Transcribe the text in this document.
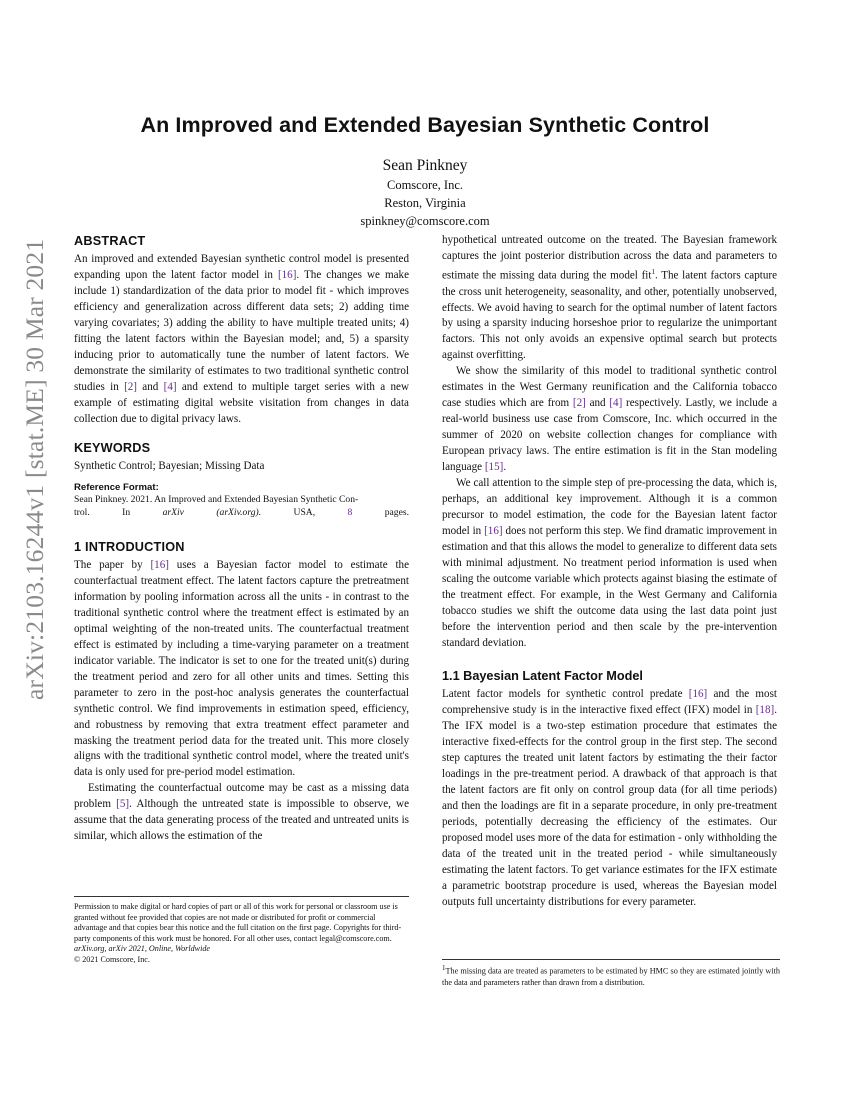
arXiv:2103.16244v1 [stat.ME] 30 Mar 2021
An Improved and Extended Bayesian Synthetic Control
Sean Pinkney
Comscore, Inc.
Reston, Virginia
spinkney@comscore.com
ABSTRACT

An improved and extended Bayesian synthetic control model is presented expanding upon the latent factor model in [16]. The changes we make include 1) standardization of the data prior to model fit - which improves efficiency and generalization across different data sets; 2) adding time varying covariates; 3) adding the ability to have multiple treated units; 4) fitting the latent factors within the Bayesian model; and, 5) a sparsity inducing prior to automatically tune the number of latent factors. We demonstrate the similarity of estimates to two traditional synthetic control studies in [2] and [4] and extend to multiple target series with a new example of estimating digital website visitation from changes in data collection due to digital privacy laws.

KEYWORDS

Synthetic Control; Bayesian; Missing Data

Reference Format:
Sean Pinkney. 2021. An Improved and Extended Bayesian Synthetic Con-
trol.	In	arXiv	(arXiv.org).	USA,	8	pages.
1 INTRODUCTION

The paper by [16] uses a Bayesian factor model to estimate the counterfactual treatment effect. The latent factors capture the pretreatment information by pooling information across all the units - in contrast to the traditional synthetic control where the treatment effect is estimated by an optimal weighting of the non-treated units. The counterfactual treatment effect is estimated by including a time-varying parameter on a treatment indicator variable. The indicator is set to one for the treated unit(s) during the treatment period and zero for all other units and times. Setting this parameter to zero in the post-hoc analysis generates the counterfactual synthetic control. We find improvements in estimation speed, efficiency, and robustness by removing that extra treatment effect parameter and masking the treatment period data for the treated unit. This more closely aligns with the traditional synthetic control model, where the treated unit's data is only used for pre-period model estimation.

Estimating the counterfactual outcome may be cast as a missing data problem [5]. Although the untreated state is impossible to observe, we assume that the data generating process of the treated and untreated units is similar, which allows the estimation of the

hypothetical untreated outcome on the treated. The Bayesian framework captures the joint posterior distribution across the data and parameters to estimate the missing data during the model fit$^1$. The latent factors capture the cross unit heterogeneity, seasonality, and other, potentially unobserved, effects. We avoid having to search for the optimal number of latent factors by using a sparsity inducing horseshoe prior to regularize the unimportant factors. This not only avoids an expensive optimal search but protects against overfitting.

We show the similarity of this model to traditional synthetic control estimates in the West Germany reunification and the California tobacco case studies which are from [2] and [4] respectively. Lastly, we include a real-world business use case from Comscore, Inc. which occurred in the summer of 2020 on website collection changes for compliance with European privacy laws. The entire estimation is fit in the Stan modeling language [15].

We call attention to the simple step of pre-processing the data, which is, perhaps, an additional key improvement. Although it is a common precursor to model estimation, the code for the Bayesian latent factor model in [16] does not perform this step. We find dramatic improvement in estimation and that this allows the model to generalize to different data sets with minimal adjustment. No treatment period information is used when scaling the outcome variable which protects against biasing the estimate of the treatment effect. For example, in the West Germany and California tobacco studies we shift the outcome data using the last data point just before the intervention period and then scale by the pre-intervention standard deviation.

1.1 Bayesian Latent Factor Model

Latent factor models for synthetic control predate [16] and the most comprehensive study is in the interactive fixed effect (IFX) model in [18]. The IFX model is a two-step estimation procedure that estimates the interactive fixed-effects for the control group in the first step. The second step captures the treated unit latent factors by estimating the their factor loadings in the pre-treatment period. A drawback of that approach is that the latent factors are fit only on control group data (for all time periods) and then the loadings are fit in a separate procedure, in only pre-treatment periods, potentially decreasing the efficiency of the estimates. Our proposed model uses more of the data for estimation - only withholding the data of the treated unit in the treated period - while simultaneously estimating the latent factors. To get variance estimates for the IFX estimate a parametric bootstrap procedure is used, whereas the Bayesian model outputs full uncertainty distributions for every parameter.

Permission to make digital or hard copies of part or all of this work for personal or classroom use is granted without fee provided that copies are not made or distributed for profit or commercial advantage and that copies bear this notice and the full citation on the first page. Copyrights for third-party components of this work must be honored. For all other uses, contact legal@comscore.com.
arXiv.org, arXiv 2021, Online, Worldwide
© 2021 Comscore, Inc.
$^1$The missing data are treated as parameters to be estimated by HMC so they are estimated jointly with the data and parameters rather than drawn from a distribution.
